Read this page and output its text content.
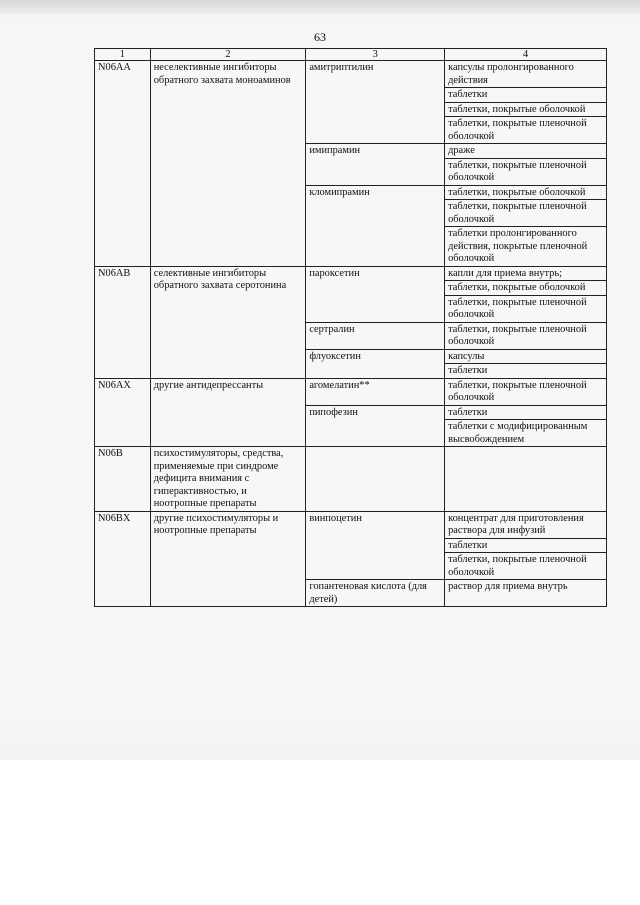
63
1	2	3	4
N06AA	неселективные ингибиторы обратного захвата моноаминов	амитриптилин	капсулы пролонгированного действия
			таблетки
			таблетки, покрытые оболочкой
			таблетки, покрытые пленочной оболочкой
		имипрамин	драже
			таблетки, покрытые пленочной оболочкой
		кломипрамин	таблетки, покрытые оболочкой
			таблетки, покрытые пленочной оболочкой
			таблетки пролонгированного действия, покрытые пленочной оболочкой
N06AB	селективные ингибиторы обратного захвата серотонина	пароксетин	капли для приема внутрь;
			таблетки, покрытые оболочкой
			таблетки, покрытые пленочной оболочкой
		сертралин	таблетки, покрытые пленочной оболочкой
		флуоксетин	капсулы
			таблетки
N06AX	другие антидепрессанты	агомелатин**	таблетки, покрытые пленочной оболочкой
		пипофезин	таблетки
			таблетки с модифицированным высвобождением
N06B	психостимуляторы, средства, применяемые при синдроме дефицита внимания с гиперактивностью, и ноотропные препараты		
N06BX	другие психостимуляторы и ноотропные препараты	винпоцетин	концентрат для приготовления раствора для инфузий
			таблетки
			таблетки, покрытые пленочной оболочкой
		гопантеновая кислота (для детей)	раствор для приема внутрь
